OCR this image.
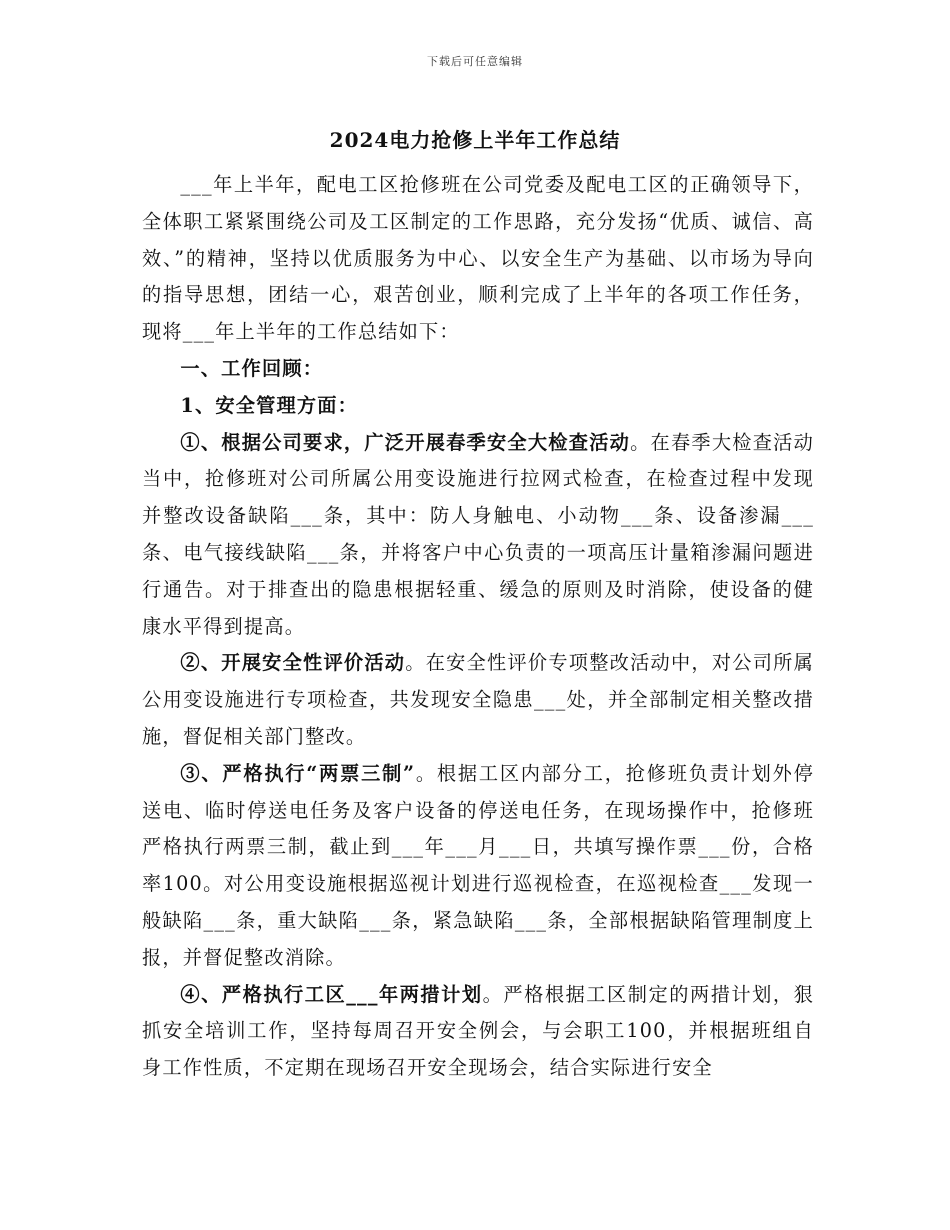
下载后可任意编辑
2024电力抢修上半年工作总结

___年上半年，配电工区抢修班在公司党委及配电工区的正确领导下，全体职工紧紧围绕公司及工区制定的工作思路，充分发扬“优质、诚信、高效、”的精神，坚持以优质服务为中心、以安全生产为基础、以市场为导向的指导思想，团结一心，艰苦创业，顺利完成了上半年的各项工作任务，现将___年上半年的工作总结如下：

一、工作回顾：

1、安全管理方面：

①、根据公司要求，广泛开展春季安全大检查活动。在春季大检查活动当中，抢修班对公司所属公用变设施进行拉网式检查，在检查过程中发现并整改设备缺陷___条，其中：防人身触电、小动物___条、设备渗漏___条、电气接线缺陷___条，并将客户中心负责的一项高压计量箱渗漏问题进行通告。对于排查出的隐患根据轻重、缓急的原则及时消除，使设备的健康水平得到提高。

②、开展安全性评价活动。在安全性评价专项整改活动中，对公司所属公用变设施进行专项检查，共发现安全隐患___处，并全部制定相关整改措施，督促相关部门整改。

③、严格执行“两票三制”。根据工区内部分工，抢修班负责计划外停送电、临时停送电任务及客户设备的停送电任务，在现场操作中，抢修班严格执行两票三制，截止到___年___月___日，共填写操作票___份，合格率100。对公用变设施根据巡视计划进行巡视检查，在巡视检查___发现一般缺陷___条，重大缺陷___条，紧急缺陷___条，全部根据缺陷管理制度上报，并督促整改消除。

④、严格执行工区___年两措计划。严格根据工区制定的两措计划，狠抓安全培训工作，坚持每周召开安全例会，与会职工100，并根据班组自身工作性质，不定期在现场召开安全现场会，结合实际进行安全
